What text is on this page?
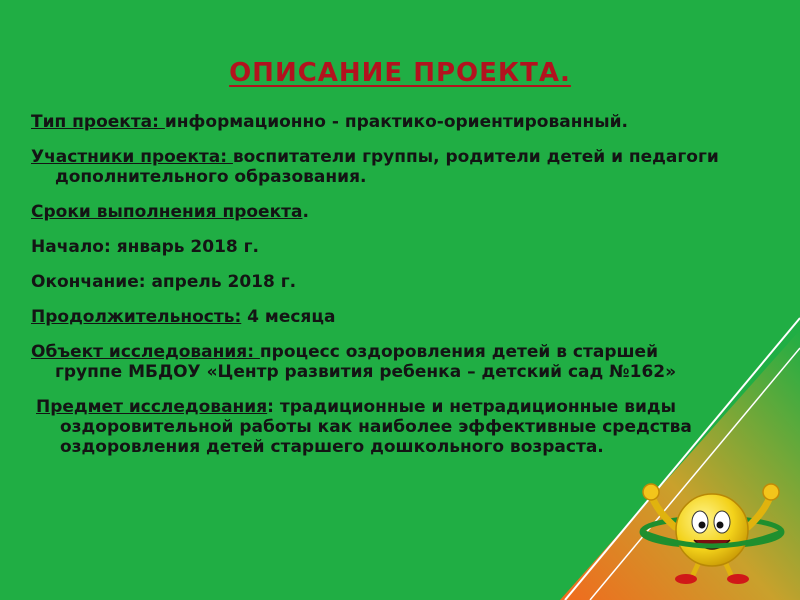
ОПИСАНИЕ ПРОЕКТА.

Тип проекта: информационно - практико-ориентированный.

Участники проекта: воспитатели группы, родители детей и педагоги дополнительного образования.

Сроки выполнения проекта.

Начало: январь 2018 г.

Окончание: апрель 2018 г.

Продолжительность: 4 месяца

Объект исследования: процесс оздоровления детей в старшей группе МБДОУ «Центр развития ребенка – детский сад №162»

Предмет исследования: традиционные и нетрадиционные виды оздоровительной работы как наиболее эффективные средства оздоровления детей старшего дошкольного возраста.
